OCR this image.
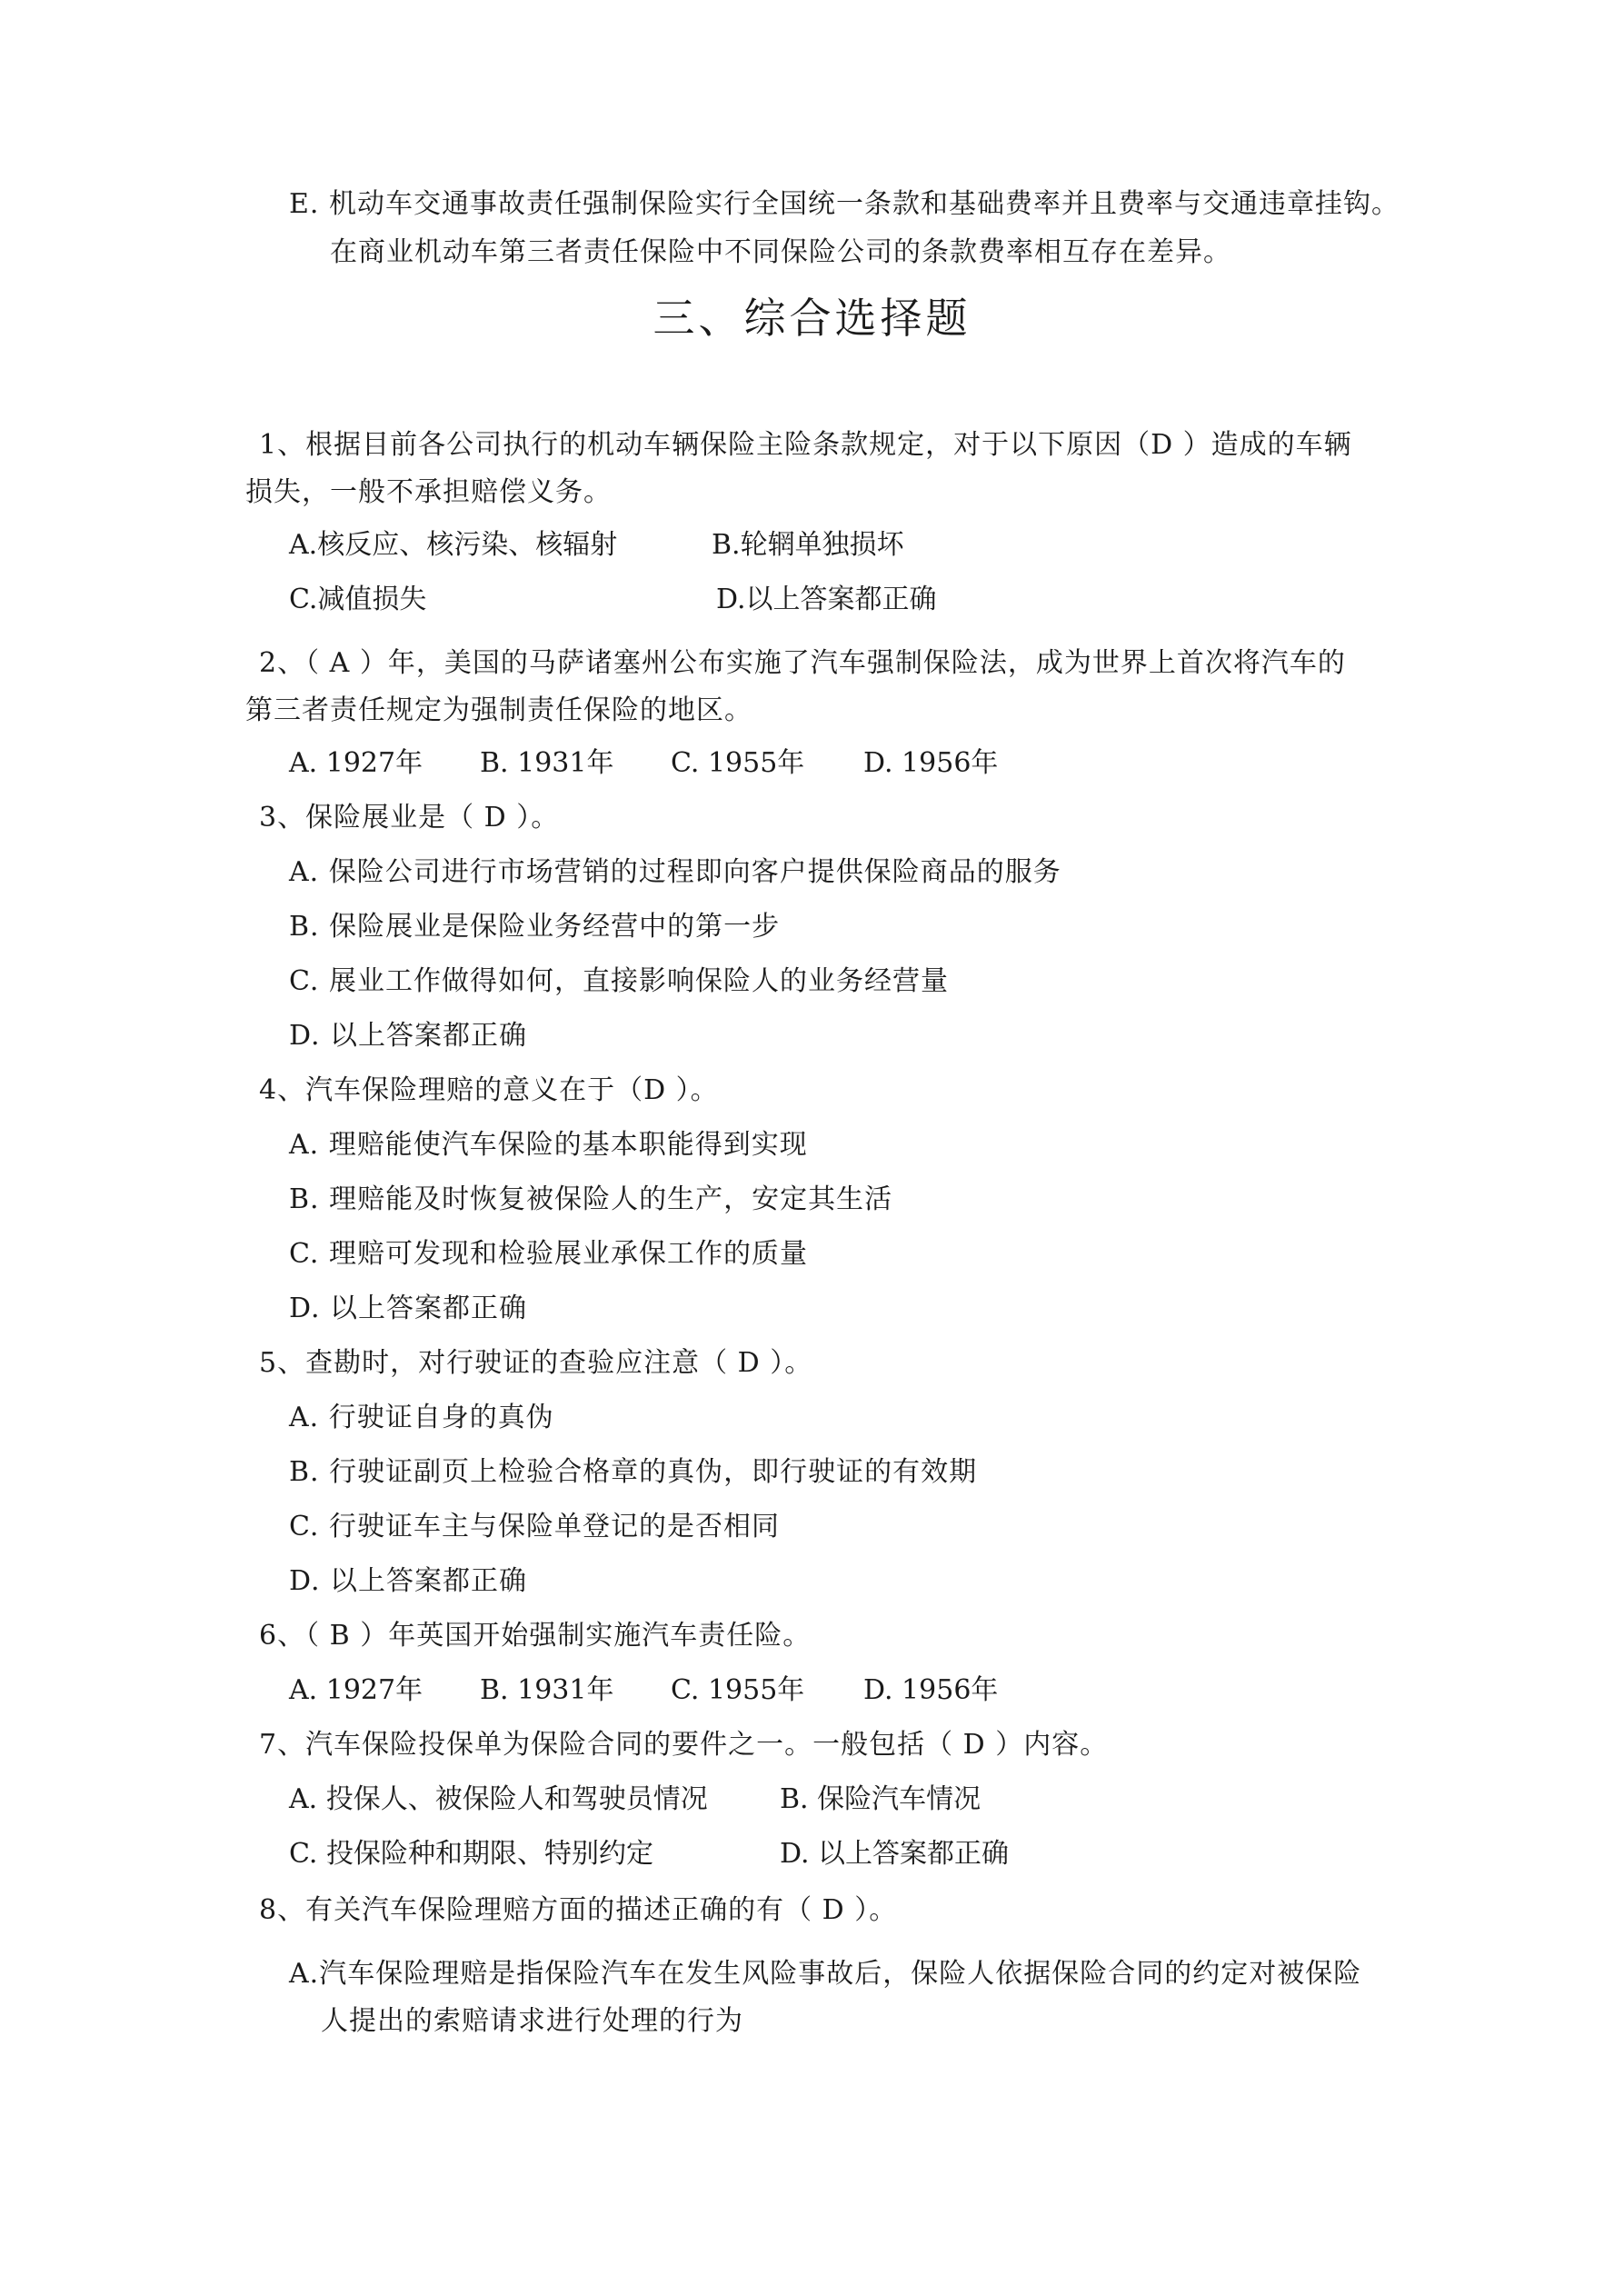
E. 机动车交通事故责任强制保险实行全国统一条款和基础费率并且费率与交通违章挂钩。
在商业机动车第三者责任保险中不同保险公司的条款费率相互存在差异。
三、综合选择题
1、根据目前各公司执行的机动车辆保险主险条款规定，对于以下原因（D ）造成的车辆
损失，一般不承担赔偿义务。
A.核反应、核污染、核辐射	B.轮辋单独损坏
C.减值损失	D.以上答案都正确
2、（ A ）年，美国的马萨诸塞州公布实施了汽车强制保险法，成为世界上首次将汽车的
第三者责任规定为强制责任保险的地区。
A. 1927年 B. 1931年 C. 1955年 D. 1956年
3、保险展业是（ D ）。
A. 保险公司进行市场营销的过程即向客户提供保险商品的服务
B. 保险展业是保险业务经营中的第一步
C. 展业工作做得如何，直接影响保险人的业务经营量
D. 以上答案都正确
4、汽车保险理赔的意义在于（D ）。
A. 理赔能使汽车保险的基本职能得到实现
B. 理赔能及时恢复被保险人的生产，安定其生活
C. 理赔可发现和检验展业承保工作的质量
D. 以上答案都正确
5、查勘时，对行驶证的查验应注意（ D ）。
A. 行驶证自身的真伪
B. 行驶证副页上检验合格章的真伪，即行驶证的有效期
C. 行驶证车主与保险单登记的是否相同
D. 以上答案都正确
6、（ B ）年英国开始强制实施汽车责任险。
A. 1927年 B. 1931年 C. 1955年 D. 1956年
7、汽车保险投保单为保险合同的要件之一。一般包括（ D ）内容。
A. 投保人、被保险人和驾驶员情况	B. 保险汽车情况
C. 投保险种和期限、特别约定	D. 以上答案都正确
8、有关汽车保险理赔方面的描述正确的有（ D ）。
A.汽车保险理赔是指保险汽车在发生风险事故后，保险人依据保险合同的约定对被保险
人提出的索赔请求进行处理的行为
